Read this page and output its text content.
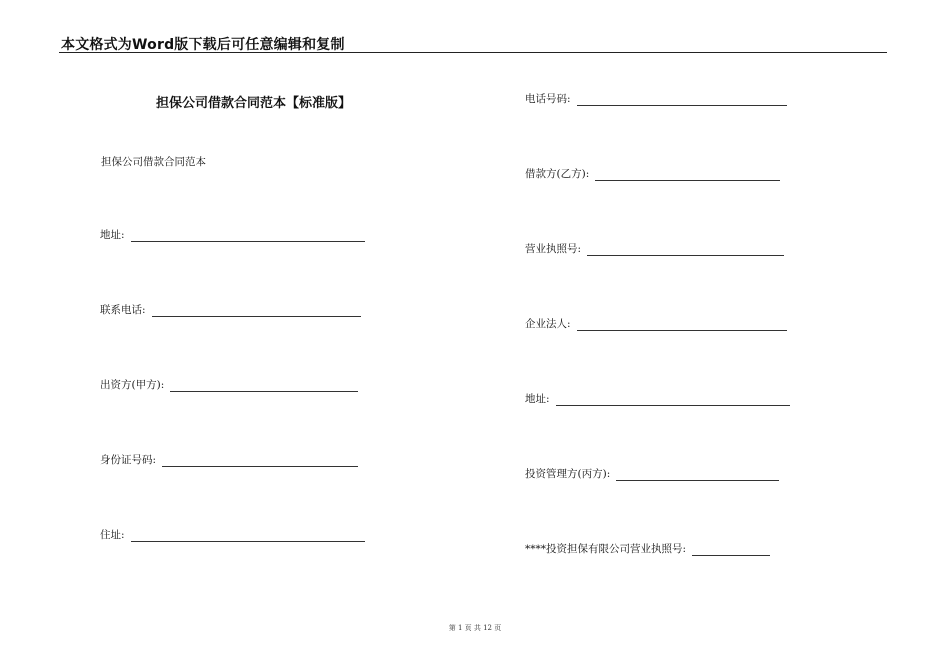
本文格式为Word版下载后可任意编辑和复制
担保公司借款合同范本【标准版】
担保公司借款合同范本
地址:
联系电话:
出资方(甲方):
身份证号码:
住址:
电话号码:
借款方(乙方):
营业执照号:
企业法人:
地址:
投资管理方(丙方):
****投资担保有限公司营业执照号:
第 1 页 共 12 页
